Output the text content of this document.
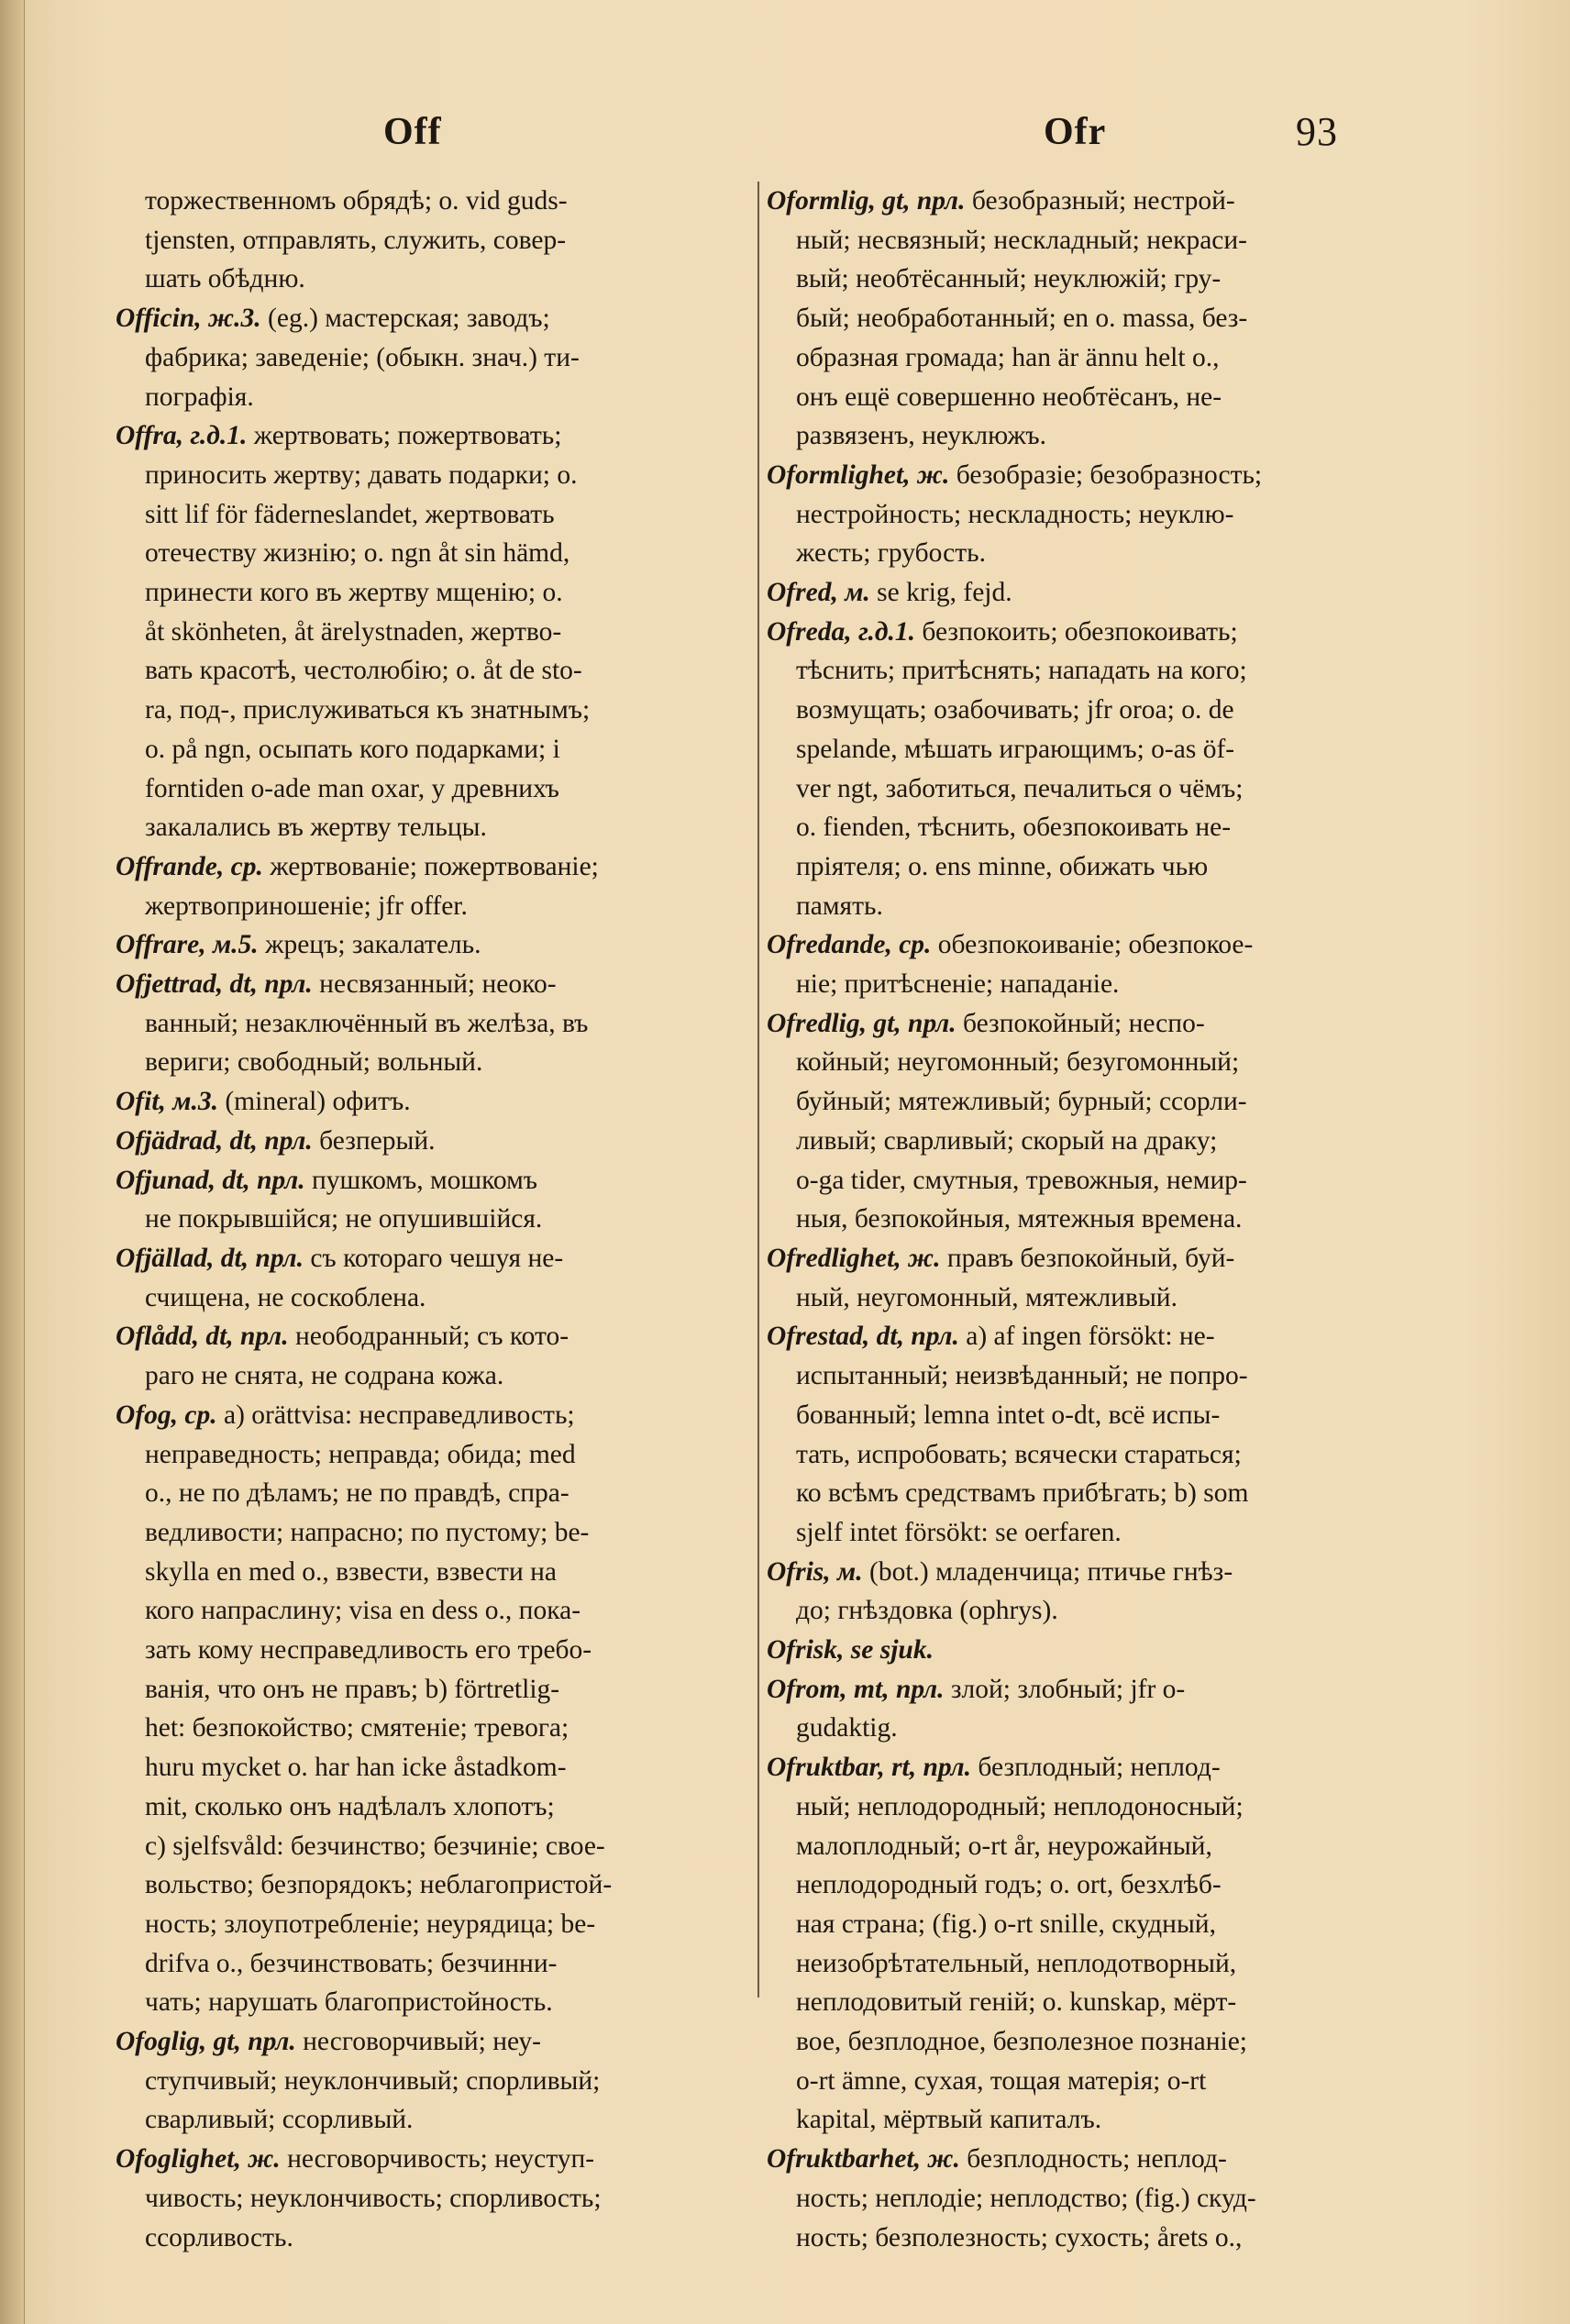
Off	Ofr	93
торжественномъ обрядѣ; o. vid guds-
tjensten, отправлять, служить, совер-
шать обѣдню.
Officin, ж.3. (eg.) мастерская; заводъ;
фабрика; заведеніе; (обыкн. знач.) ти-
пографія.
Offra, г.д.1. жертвовать; пожертвовать;
приносить жертву; давать подарки; o.
sitt lif för fäderneslandet, жертвовать
отечеству жизнію; o. ngn åt sin hämd,
принести кого въ жертву мщенію; o.
åt skönheten, åt ärelystnaden, жертво-
вать красотѣ, честолюбію; o. åt de sto-
ra, под-, прислуживаться къ знатнымъ;
o. på ngn, осыпать кого подарками; i
forntiden o-ade man oxar, у древнихъ
закалались въ жертву тельцы.
Offrande, ср. жертвованіе; пожертвованіе;
жертвоприношеніе; jfr offer.
Offrare, м.5. жрецъ; закалатель.
Ofjettrad, dt, прл. несвязанный; неоко-
ванный; незаключённый въ желѣза, въ
вериги; свободный; вольный.
Ofit, м.3. (mineral) офитъ.
Ofjädrad, dt, прл. безперый.
Ofjunad, dt, прл. пушкомъ, мошкомъ
не покрывшійся; не опушившійся.
Ofjällad, dt, прл. съ котораго чешуя не-
счищена, не соскоблена.
Oflådd, dt, прл. неободранный; съ кото-
раго не снята, не содрана кожа.
Ofog, ср. a) orättvisa: несправедливость;
неправедность; неправда; обида; med
o., не по дѣламъ; не по правдѣ, спра-
ведливости; напрасно; по пустому; be-
skylla en med o., взвести, взвести на
кого напраслину; visa en dess o., пока-
зать кому несправедливость его требо-
ванія, что онъ не правъ; b) förtretlig-
het: безпокойство; смятеніе; тревога;
huru mycket o. har han icke åstadkom-
mit, сколько онъ надѣлалъ хлопотъ;
c) sjelfsvåld: безчинство; безчиніе; свое-
вольство; безпорядокъ; неблагопристой-
ность; злоупотребленіе; неурядица; be-
drifva o., безчинствовать; безчинни-
чать; нарушать благопристойность.
Ofoglig, gt, прл. несговорчивый; неу-
ступчивый; неуклончивый; спорливый;
сварливый; ссорливый.
Ofoglighet, ж. несговорчивость; неуступ-
чивость; неуклончивость; спорливость;
ссорливость.
Oformlig, gt, прл. безобразный; нестрой-
ный; несвязный; нескладный; некраси-
вый; необтёсанный; неуклюжій; гру-
бый; необработанный; en o. massa, без-
образная громада; han är ännu helt o.,
онъ ещё совершенно необтёсанъ, не-
развязенъ, неуклюжъ.
Oformlighet, ж. безобразіе; безобразность;
нестройность; нескладность; неуклю-
жесть; грубость.
Ofred, м. se krig, fejd.
Ofreda, г.д.1. безпокоить; обезпокоивать;
тѣснить; притѣснять; нападать на кого;
возмущать; озабочивать; jfr oroa; o. de
spelande, мѣшать играющимъ; o-as öf-
ver ngt, заботиться, печалиться о чёмъ;
o. fienden, тѣснить, обезпокоивать не-
пріятеля; o. ens minne, обижать чью
память.
Ofredande, ср. обезпокоиваніе; обезпокое-
ніе; притѣсненіе; нападаніе.
Ofredlig, gt, прл. безпокойный; неспо-
койный; неугомонный; безугомонный;
буйный; мятежливый; бурный; ссорли-
ливый; сварливый; скорый на драку;
o-ga tider, смутныя, тревожныя, немир-
ныя, безпокойныя, мятежныя времена.
Ofredlighet, ж. правъ безпокойный, буй-
ный, неугомонный, мятежливый.
Ofrestad, dt, прл. a) af ingen försökt: не-
испытанный; неизвѣданный; не попро-
бованный; lemna intet o-dt, всё испы-
тать, испробовать; всячески стараться;
ко всѣмъ средствамъ прибѣгать; b) som
sjelf intet försökt: se oerfaren.
Ofris, м. (bot.) младенчица; птичье гнѣз-
до; гнѣздовка (ophrys).
Ofrisk, se sjuk.
Ofrom, mt, прл. злой; злобный; jfr o-
gudaktig.
Ofruktbar, rt, прл. безплодный; неплод-
ный; неплодородный; неплодоносный;
малоплодный; o-rt år, неурожайный,
неплодородный годъ; o. ort, безхлѣб-
ная страна; (fig.) o-rt snille, скудный,
неизобрѣтательный, неплодотворный,
неплодовитый геній; o. kunskap, мёрт-
вое, безплодное, безполезное познаніе;
o-rt ämne, сухая, тощая матерія; o-rt
kapital, мёртвый капиталъ.
Ofruktbarhet, ж. безплодность; неплод-
ность; неплодіе; неплодство; (fig.) скуд-
ность; безполезность; сухость; årets o.,
